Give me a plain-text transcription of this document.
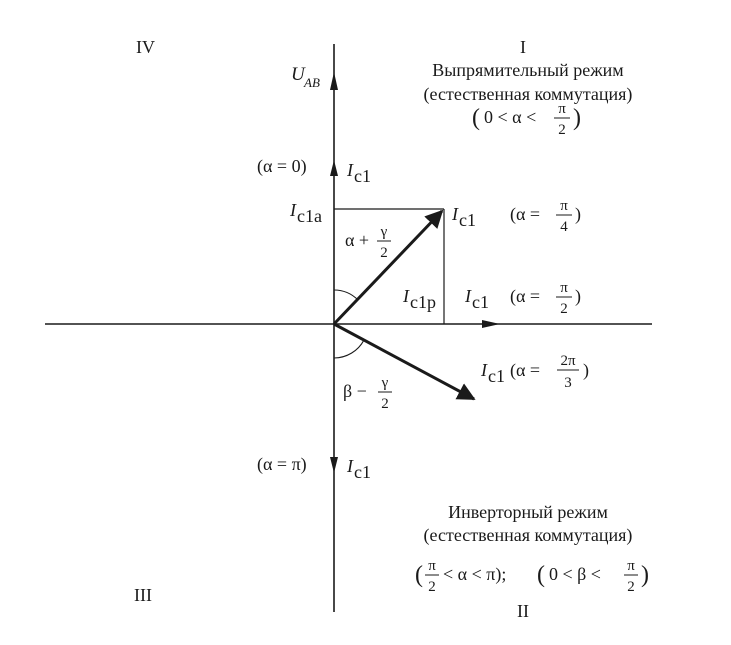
IV	I
III
II
Выпрямительный режим
(естественная коммутация)
( 0 < α < π
2 )
U AB
(α = 0) I c1
I c1a	I c1 (α = π
4
)
α + γ
2
I c1p I c1 (α = π
2
)
I c1 (α = 2π
3
)
β − γ
2
(α = π) I c1
Инверторный режим
(естественная коммутация)
( π
2
< α < π); ( 0 < β < π
2 )
